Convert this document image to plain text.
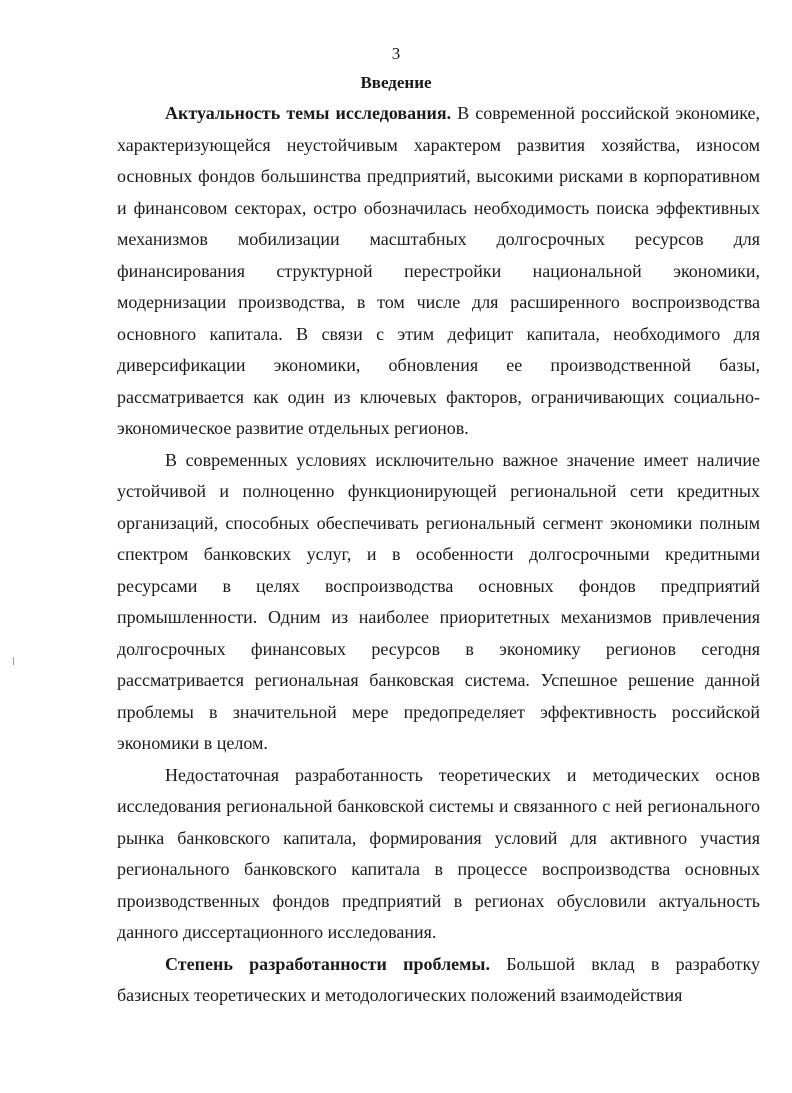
3
Введение

Актуальность темы исследования. В современной российской экономике, характеризующейся неустойчивым характером развития хозяйства, износом основных фондов большинства предприятий, высокими рисками в корпоративном и финансовом секторах, остро обозначилась необходимость поиска эффективных механизмов мобилизации масштабных долгосрочных ресурсов для финансирования структурной перестройки национальной экономики, модернизации производства, в том числе для расширенного воспроизводства основного капитала. В связи с этим дефицит капитала, необходимого для диверсификации экономики, обновления ее производственной базы, рассматривается как один из ключевых факторов, ограничивающих социально-экономическое развитие отдельных регионов.

В современных условиях исключительно важное значение имеет наличие устойчивой и полноценно функционирующей региональной сети кредитных организаций, способных обеспечивать региональный сегмент экономики полным спектром банковских услуг, и в особенности долгосрочными кредитными ресурсами в целях воспроизводства основных фондов предприятий промышленности. Одним из наиболее приоритетных механизмов привлечения долгосрочных финансовых ресурсов в экономику регионов сегодня рассматривается региональная банковская система. Успешное решение данной проблемы в значительной мере предопределяет эффективность российской экономики в целом.

Недостаточная разработанность теоретических и методических основ исследования региональной банковской системы и связанного с ней регионального рынка банковского капитала, формирования условий для активного участия регионального банковского капитала в процессе воспроизводства основных производственных фондов предприятий в регионах обусловили актуальность данного диссертационного исследования.

Степень разработанности проблемы. Большой вклад в разработку базисных теоретических и методологических положений взаимодействия
